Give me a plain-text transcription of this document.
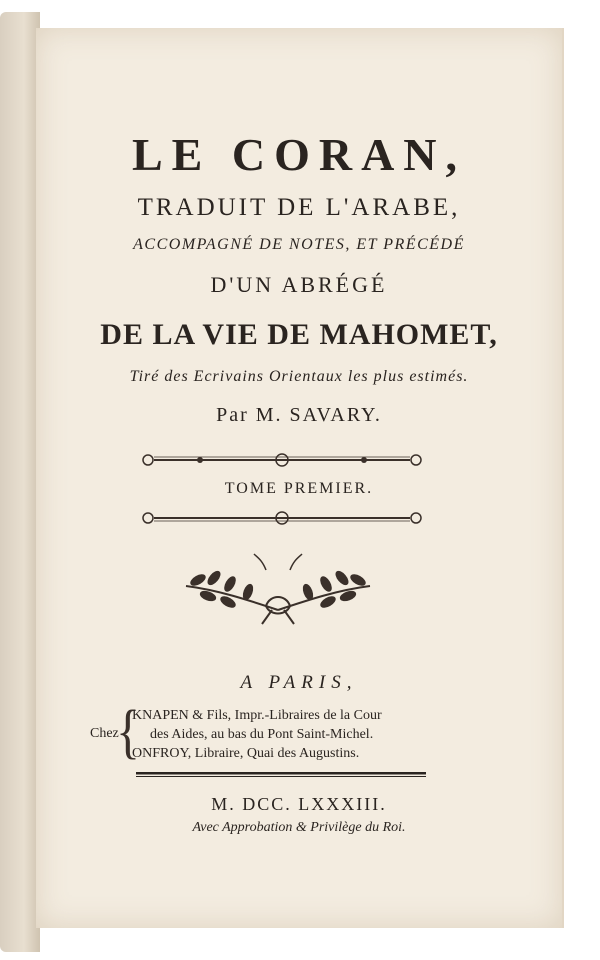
LE CORAN,
TRADUIT DE L'ARABE,
ACCOMPAGNÉ DE NOTES, ET PRÉCÉDÉ
D'UN ABRÉGÉ
DE LA VIE DE MAHOMET,
Tiré des Ecrivains Orientaux les plus estimés.
Par M. SAVARY.
TOME PREMIER.
A PARIS,
Chez
{
KNAPEN & Fils, Impr.-Libraires de la Cour
des Aides, au bas du Pont Saint-Michel.
ONFROY, Libraire, Quai des Augustins.
M. DCC. LXXXIII.
Avec Approbation & Privilège du Roi.
